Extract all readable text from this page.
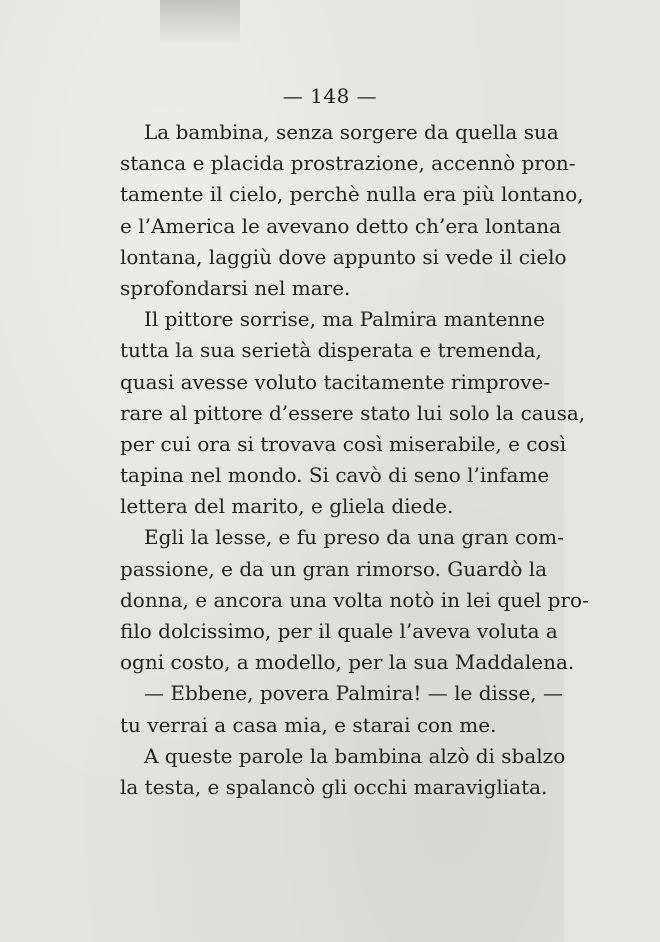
— 148 —
La bambina, senza sorgere da quella sua
stanca e placida prostrazione, accennò pron-
tamente il cielo, perchè nulla era più lontano,
e l’America le avevano detto ch’era lontana
lontana, laggiù dove appunto si vede il cielo
sprofondarsi nel mare.
Il pittore sorrise, ma Palmira mantenne
tutta la sua serietà disperata e tremenda,
quasi avesse voluto tacitamente rimprove-
rare al pittore d’essere stato lui solo la causa,
per cui ora si trovava così miserabile, e così
tapina nel mondo. Si cavò di seno l’infame
lettera del marito, e gliela diede.
Egli la lesse, e fu preso da una gran com-
passione, e da un gran rimorso. Guardò la
donna, e ancora una volta notò in lei quel pro-
filo dolcissimo, per il quale l’aveva voluta a
ogni costo, a modello, per la sua Maddalena.
— Ebbene, povera Palmira! — le disse, —
tu verrai a casa mia, e starai con me.
A queste parole la bambina alzò di sbalzo
la testa, e spalancò gli occhi maravigliata.
